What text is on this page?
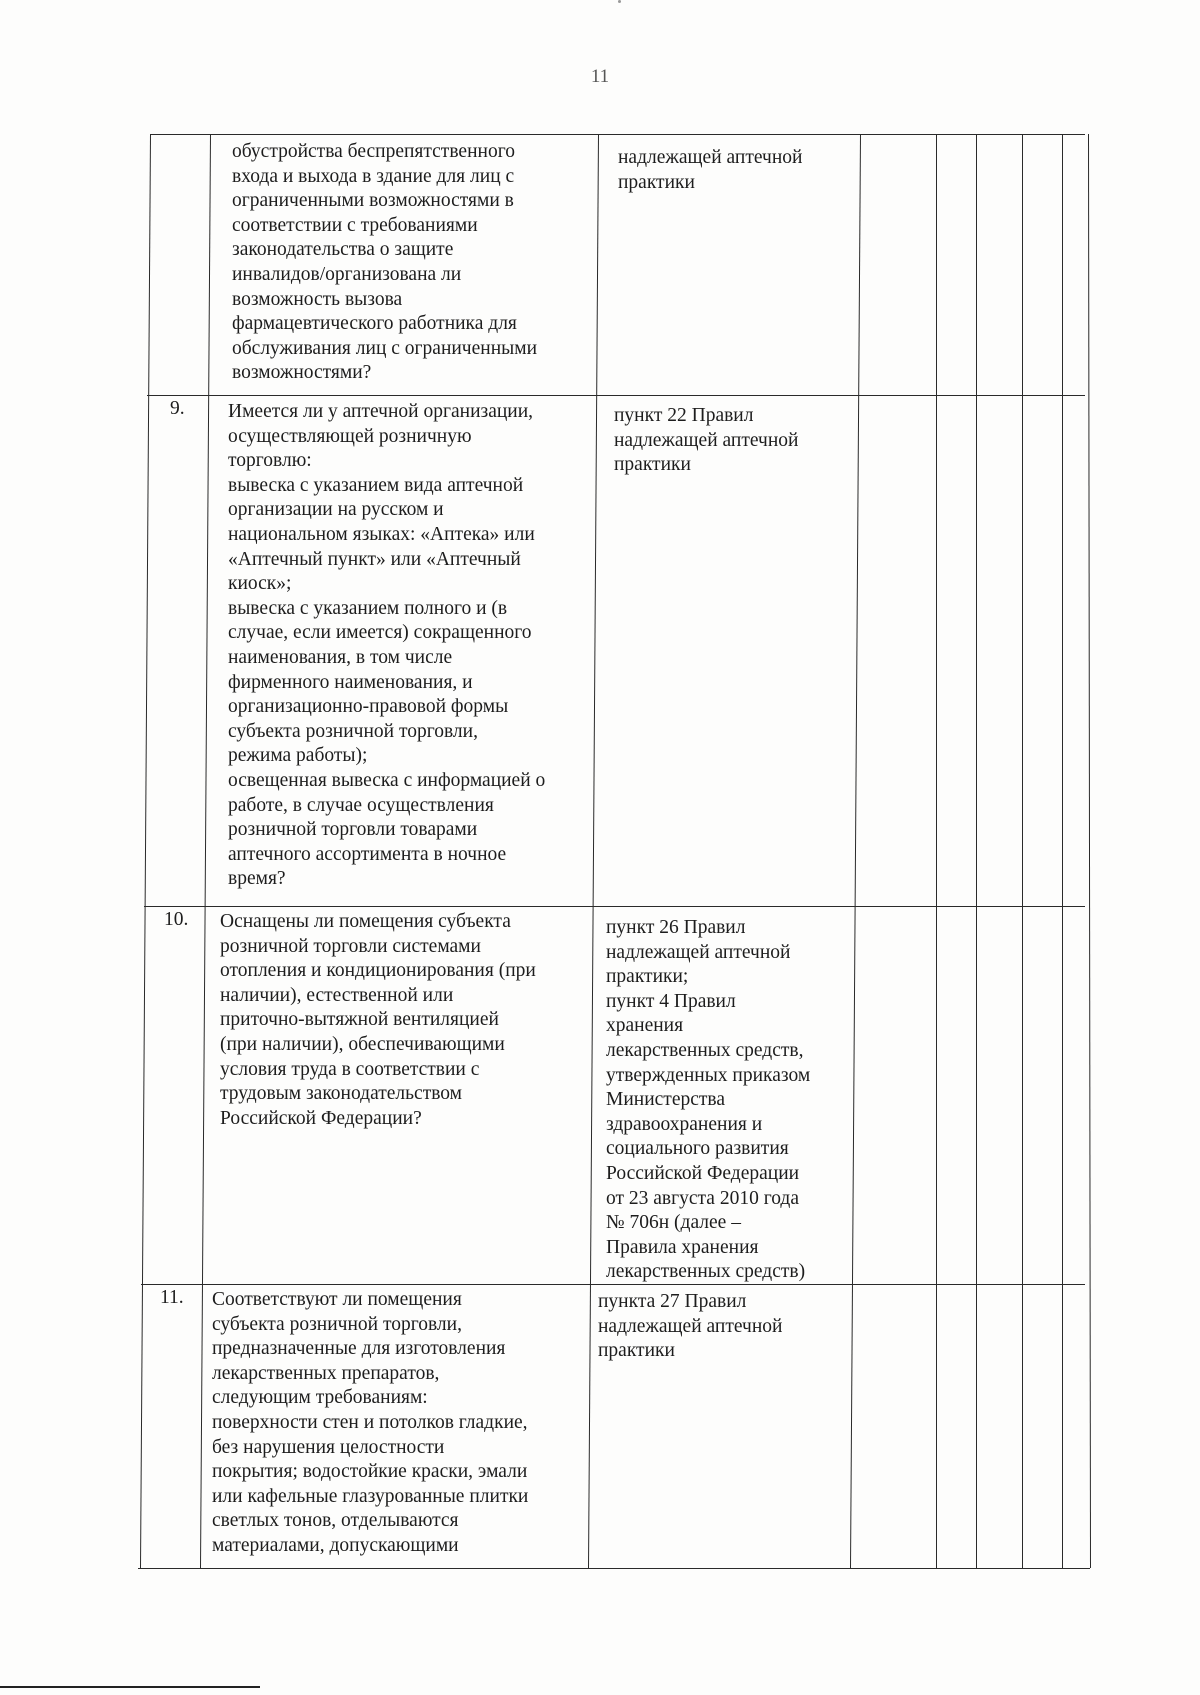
11
обустройства беспрепятственного
входа и выхода в здание для лиц с
ограниченными возможностями в
соответствии с требованиями
законодательства о защите
инвалидов/организована ли
возможность вызова
фармацевтического работника для
обслуживания лиц с ограниченными
возможностями?
надлежащей аптечной
практики
9. Имеется ли у аптечной организации,
осуществляющей розничную
торговлю:
вывеска с указанием вида аптечной
организации на русском и
национальном языках: «Аптека» или
«Аптечный пункт» или «Аптечный
киоск»;
вывеска с указанием полного и (в
случае, если имеется) сокращенного
наименования, в том числе
фирменного наименования, и
организационно-правовой формы
субъекта розничной торговли,
режима работы);
освещенная вывеска с информацией о
работе, в случае осуществления
розничной торговли товарами
аптечного ассортимента в ночное
время?
пункт 22 Правил
надлежащей аптечной
практики
10. Оснащены ли помещения субъекта
розничной торговли системами
отопления и кондиционирования (при
наличии), естественной или
приточно-вытяжной вентиляцией
(при наличии), обеспечивающими
условия труда в соответствии с
трудовым законодательством
Российской Федерации?
пункт 26 Правил
надлежащей аптечной
практики;
пункт 4 Правил
хранения
лекарственных средств,
утвержденных приказом
Министерства
здравоохранения и
социального развития
Российской Федерации
от 23 августа 2010 года
№ 706н (далее –
Правила хранения
лекарственных средств)
11. Соответствуют ли помещения
субъекта розничной торговли,
предназначенные для изготовления
лекарственных препаратов,
следующим требованиям:
поверхности стен и потолков гладкие,
без нарушения целостности
покрытия; водостойкие краски, эмали
или кафельные глазурованные плитки
светлых тонов, отделываются
материалами, допускающими
пункта 27 Правил
надлежащей аптечной
практики
